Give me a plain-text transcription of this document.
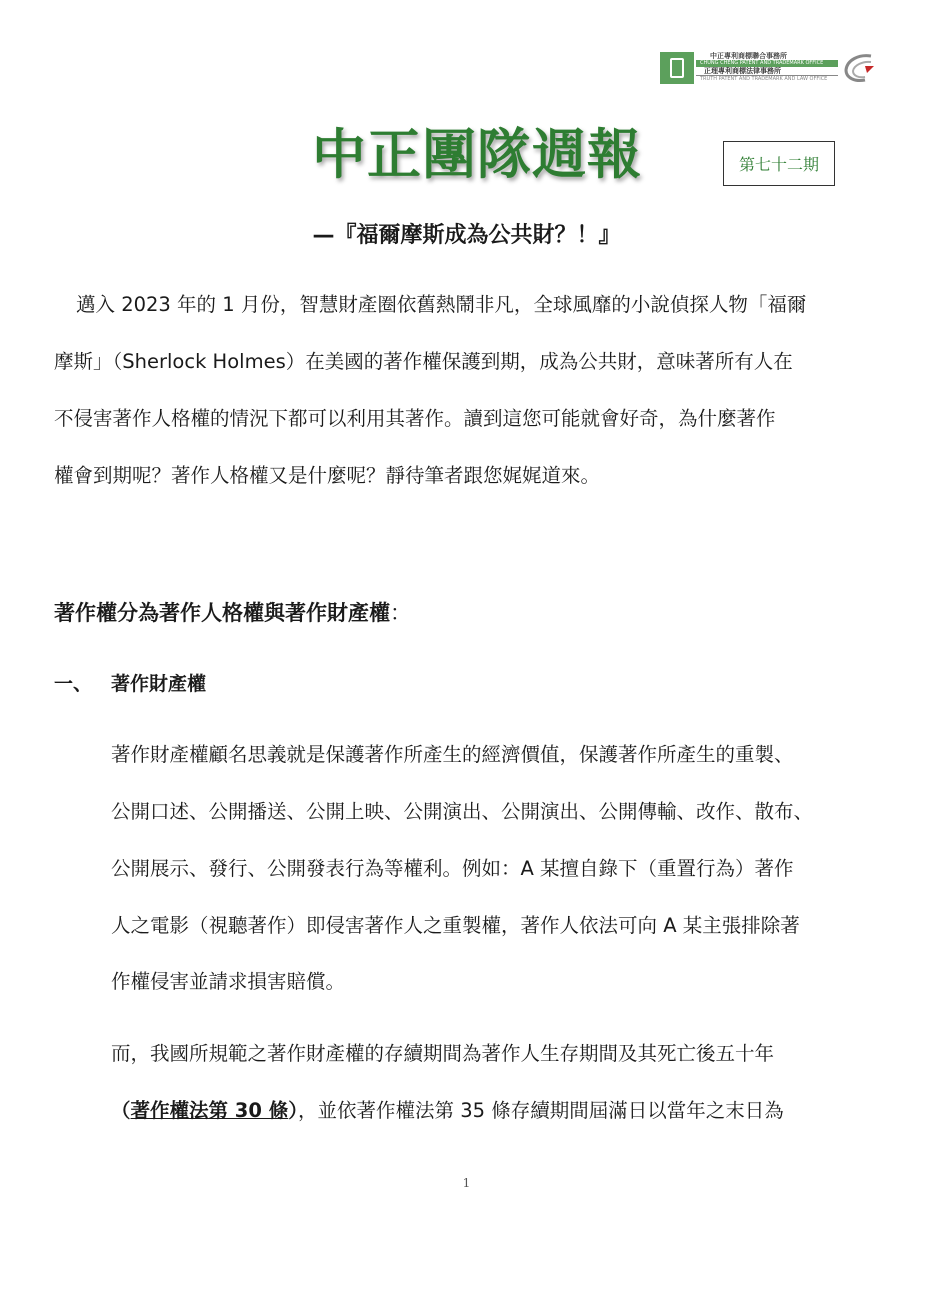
中正專利商標聯合事務所
CHUNG CHENG PATENT AND TRADEMARK OFFICE
正理專利商標法律事務所
TRUTH PATENT AND TRADEMARK AND LAW OFFICE
中正團隊週報	第七十二期
—『福爾摩斯成為公共財？！』
邁入 2023 年的 1 月份，智慧財產圈依舊熱鬧非凡，全球風靡的小說偵探人物「福爾
摩斯」（Sherlock Holmes）在美國的著作權保護到期，成為公共財，意味著所有人在
不侵害著作人格權的情況下都可以利用其著作。讀到這您可能就會好奇，為什麼著作
權會到期呢？著作人格權又是什麼呢？靜待筆者跟您娓娓道來。
著作權分為著作人格權與著作財產權：
一、 著作財產權
著作財產權顧名思義就是保護著作所產生的經濟價值，保護著作所產生的重製、
公開口述、公開播送、公開上映、公開演出、公開演出、公開傳輸、改作、散布、
公開展示、發行、公開發表行為等權利。例如：A 某擅自錄下（重置行為）著作
人之電影（視聽著作）即侵害著作人之重製權，著作人依法可向 A 某主張排除著
作權侵害並請求損害賠償。
而，我國所規範之著作財產權的存續期間為著作人生存期間及其死亡後五十年
（著作權法第 30 條），並依著作權法第 35 條存續期間屆滿日以當年之末日為
1
